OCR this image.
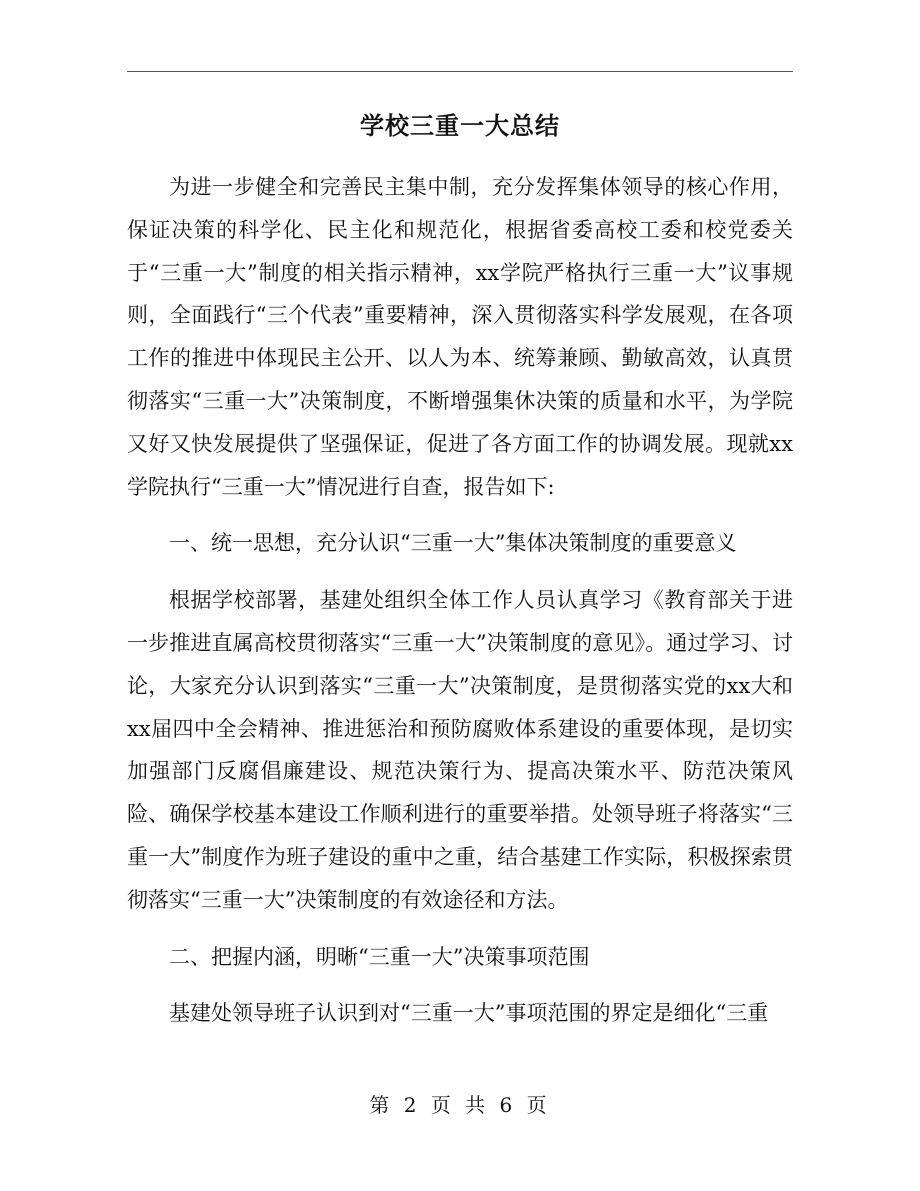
学校三重一大总结

为进一步健全和完善民主集中制，充分发挥集体领导的核心作用，保证决策的科学化、民主化和规范化，根据省委高校工委和校党委关于“三重一大”制度的相关指示精神，xx学院严格执行三重一大”议事规则，全面践行“三个代表”重要精神，深入贯彻落实科学发展观，在各项工作的推进中体现民主公开、以人为本、统筹兼顾、勤敏高效，认真贯彻落实“三重一大”决策制度，不断增强集休决策的质量和水平，为学院又好又快发展提供了坚强保证，促进了各方面工作的协调发展。现就xx学院执行“三重一大”情况进行自查，报告如下:

一、统一思想，充分认识“三重一大”集体决策制度的重要意义

根据学校部署，基建处组织全体工作人员认真学习《教育部关于进一步推进直属高校贯彻落实“三重一大”决策制度的意见》。通过学习、讨论，大家充分认识到落实“三重一大”决策制度，是贯彻落实党的xx大和xx届四中全会精神、推进惩治和预防腐败体系建设的重要体现，是切实加强部门反腐倡廉建设、规范决策行为、提高决策水平、防范决策风险、确保学校基本建设工作顺利进行的重要举措。处领导班子将落实“三重一大”制度作为班子建设的重中之重，结合基建工作实际，积极探索贯彻落实“三重一大”决策制度的有效途径和方法。

二、把握内涵，明晰“三重一大”决策事项范围

基建处领导班子认识到对“三重一大”事项范围的界定是细化“三重

第 2 页 共 6 页
